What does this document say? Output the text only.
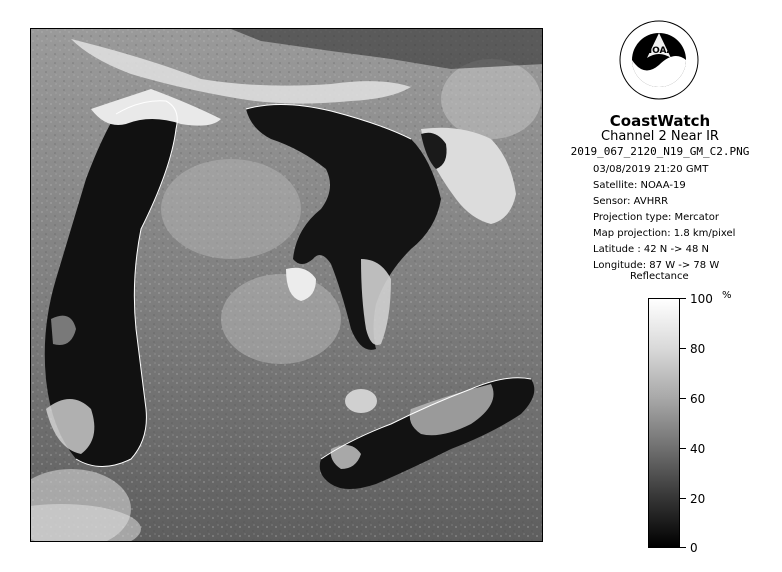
NOAA
CoastWatch
Channel 2 Near IR
2019_067_2120_N19_GM_C2.PNG
03/08/2019 21:20 GMT
Satellite: NOAA-19
Sensor: AVHRR
Projection type: Mercator
Map projection: 1.8 km/pixel
Latitude : 42 N -> 48 N
Longitude: 87 W -> 78 W
Reflectance
%
100
80
60
40
20
0
